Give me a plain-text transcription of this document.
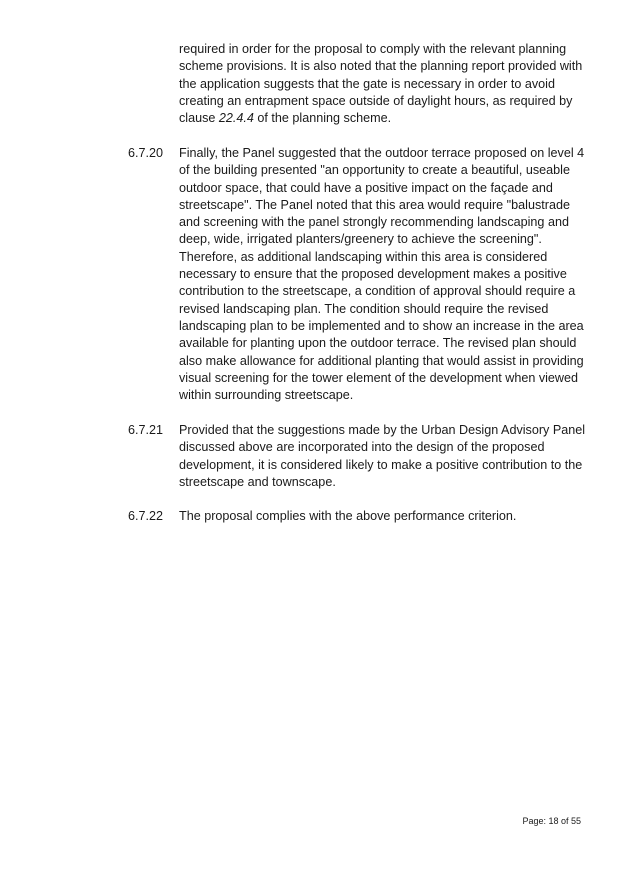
required in order for the proposal to comply with the relevant planning
scheme provisions. It is also noted that the planning report provided with
the application suggests that the gate is necessary in order to avoid
creating an entrapment space outside of daylight hours, as required by
clause 22.4.4 of the planning scheme.
6.7.20 Finally, the Panel suggested that the outdoor terrace proposed on level 4
of the building presented "an opportunity to create a beautiful, useable
outdoor space, that could have a positive impact on the façade and
streetscape". The Panel noted that this area would require "balustrade
and screening with the panel strongly recommending landscaping and
deep, wide, irrigated planters/greenery to achieve the screening".
Therefore, as additional landscaping within this area is considered
necessary to ensure that the proposed development makes a positive
contribution to the streetscape, a condition of approval should require a
revised landscaping plan. The condition should require the revised
landscaping plan to be implemented and to show an increase in the area
available for planting upon the outdoor terrace. The revised plan should
also make allowance for additional planting that would assist in providing
visual screening for the tower element of the development when viewed
within surrounding streetscape.
6.7.21 Provided that the suggestions made by the Urban Design Advisory Panel
discussed above are incorporated into the design of the proposed
development, it is considered likely to make a positive contribution to the
streetscape and townscape.
6.7.22 The proposal complies with the above performance criterion.
Page: 18 of 55
